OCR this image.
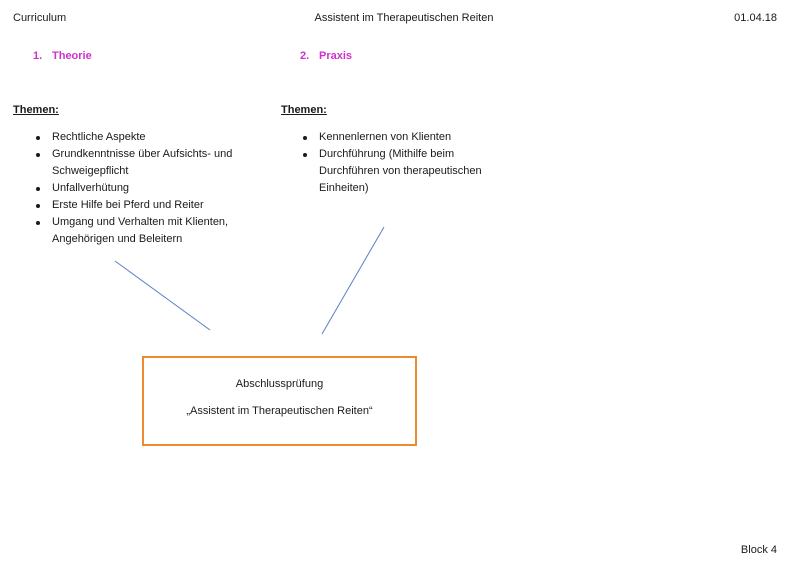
Curriculum	Assistent im Therapeutischen Reiten	01.04.18
1. Theorie
Themen:
Rechtliche Aspekte
Grundkenntnisse über Aufsichts- und
Schweigepflicht
Unfallverhütung
Erste Hilfe bei Pferd und Reiter
Umgang und Verhalten mit Klienten,
Angehörigen und Beleitern
2. Praxis
Themen:
Kennenlernen von Klienten
Durchführung (Mithilfe beim
Durchführen von therapeutischen
Einheiten)
Abschlussprüfung
„Assistent im Therapeutischen Reiten“
Block 4
